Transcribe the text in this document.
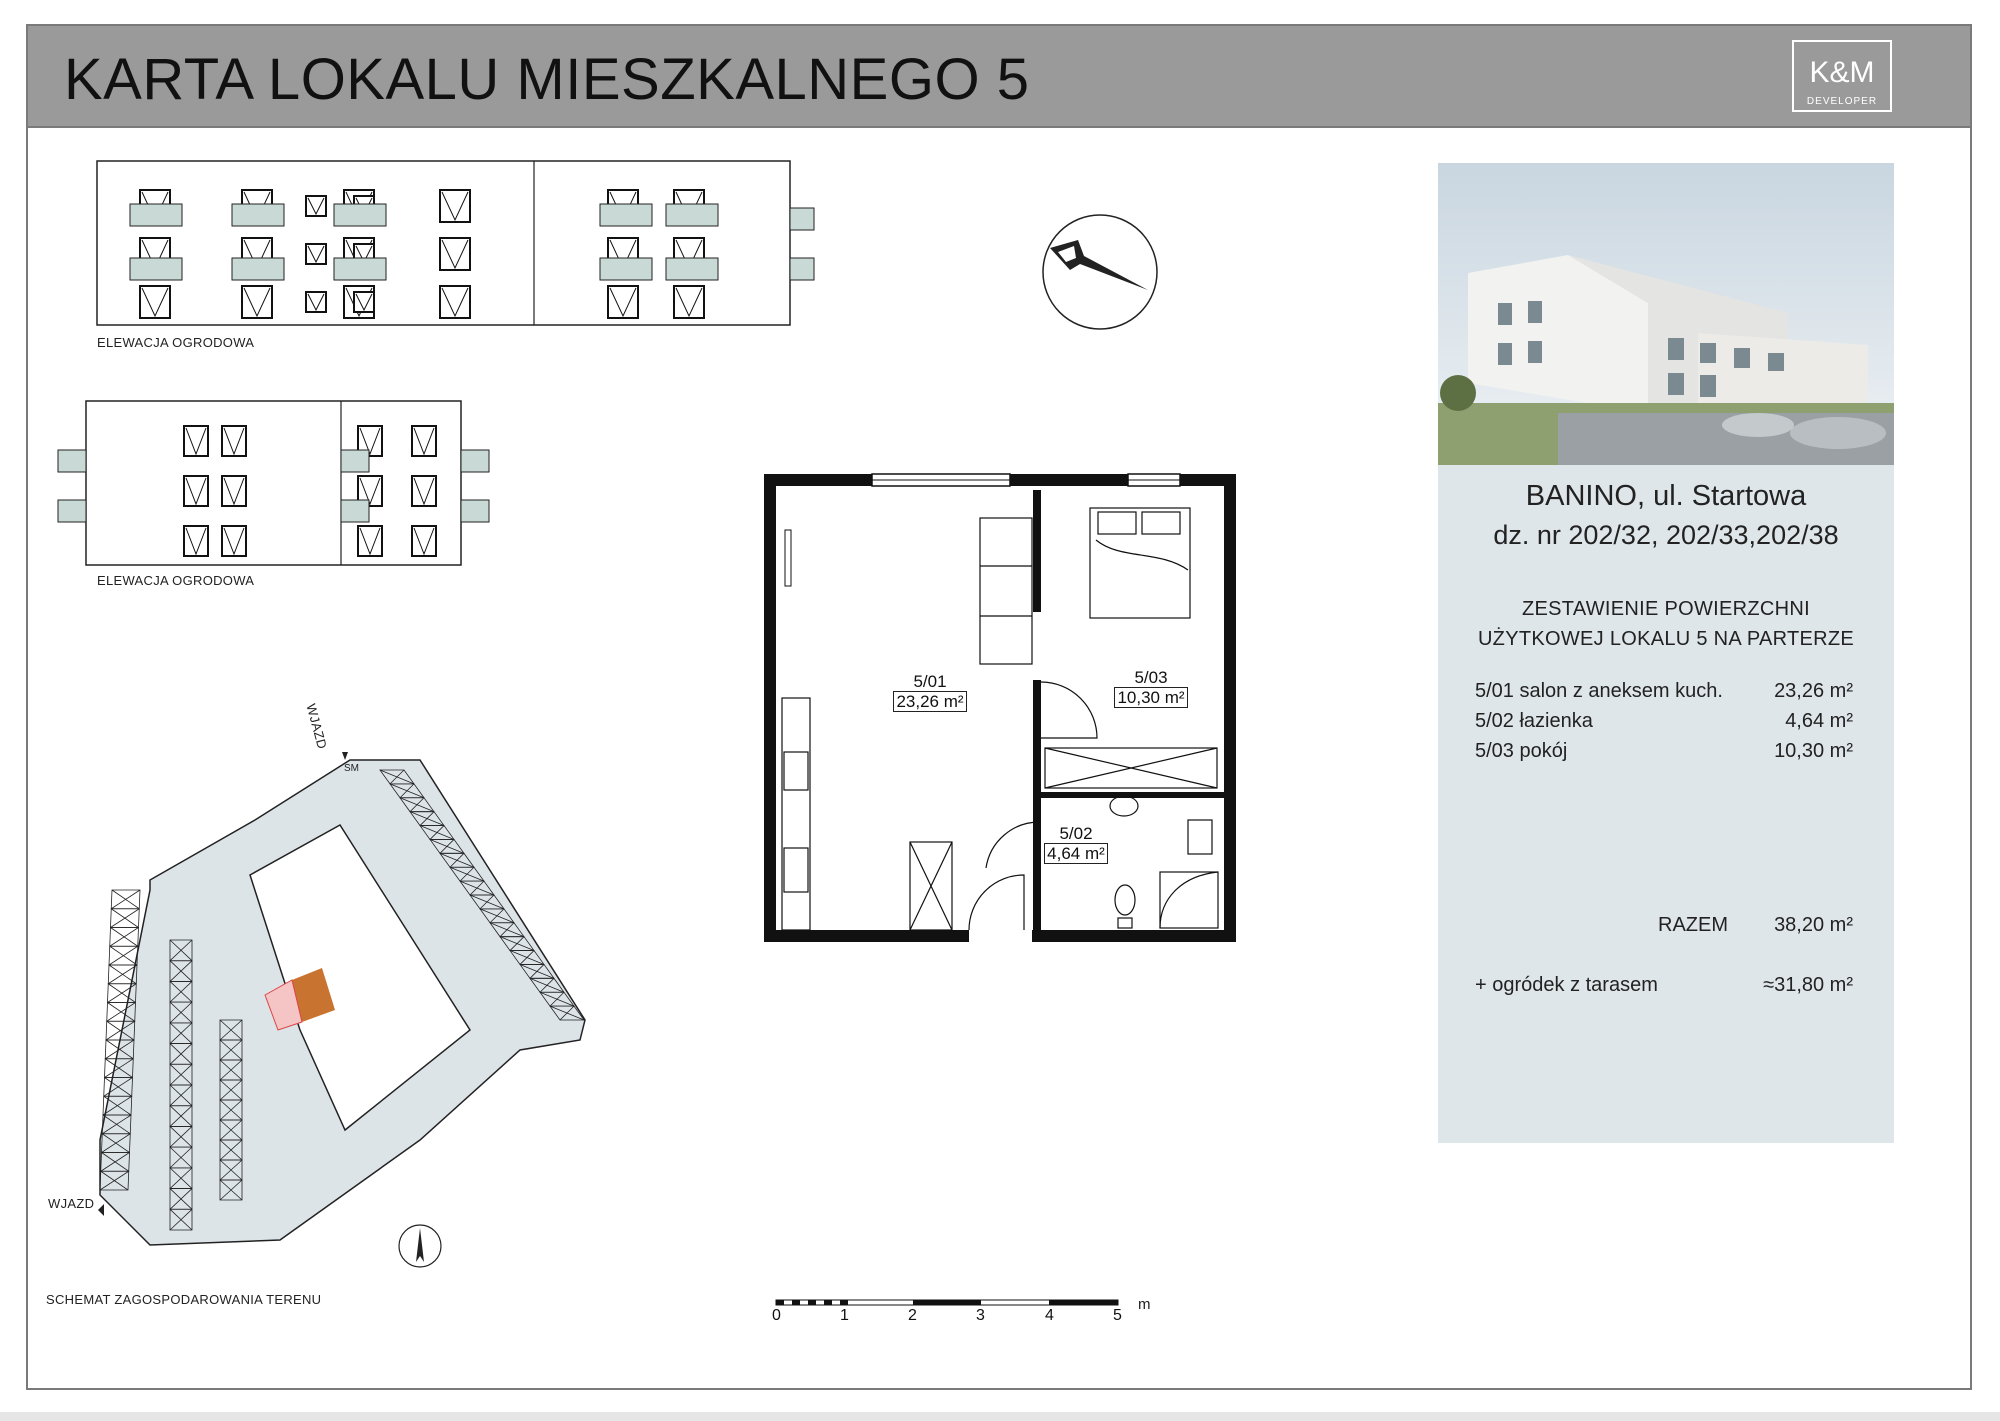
KARTA LOKALU MIESZKALNEGO 5	K&M
DEVELOPER
ELEWACJA OGRODOWA
ELEWACJA OGRODOWA
SM
WJAZD
WJAZD
SCHEMAT ZAGOSPODAROWANIA TERENU
5/01
23,26 m²
5/03
10,30 m²
5/02
4,64 m²
0	1	2	3	4	5
m
BANINO, ul. Startowa
dz. nr 202/32, 202/33,202/38
ZESTAWIENIE POWIERZCHNI
UŻYTKOWEJ LOKALU 5 NA PARTERZE
5/01 salon z aneksem kuch.	23,26 m²
5/02 łazienka	4,64 m²
5/03 pokój	10,30 m²
RAZEM 38,20 m²
+ ogródek z tarasem	≈31,80 m²
